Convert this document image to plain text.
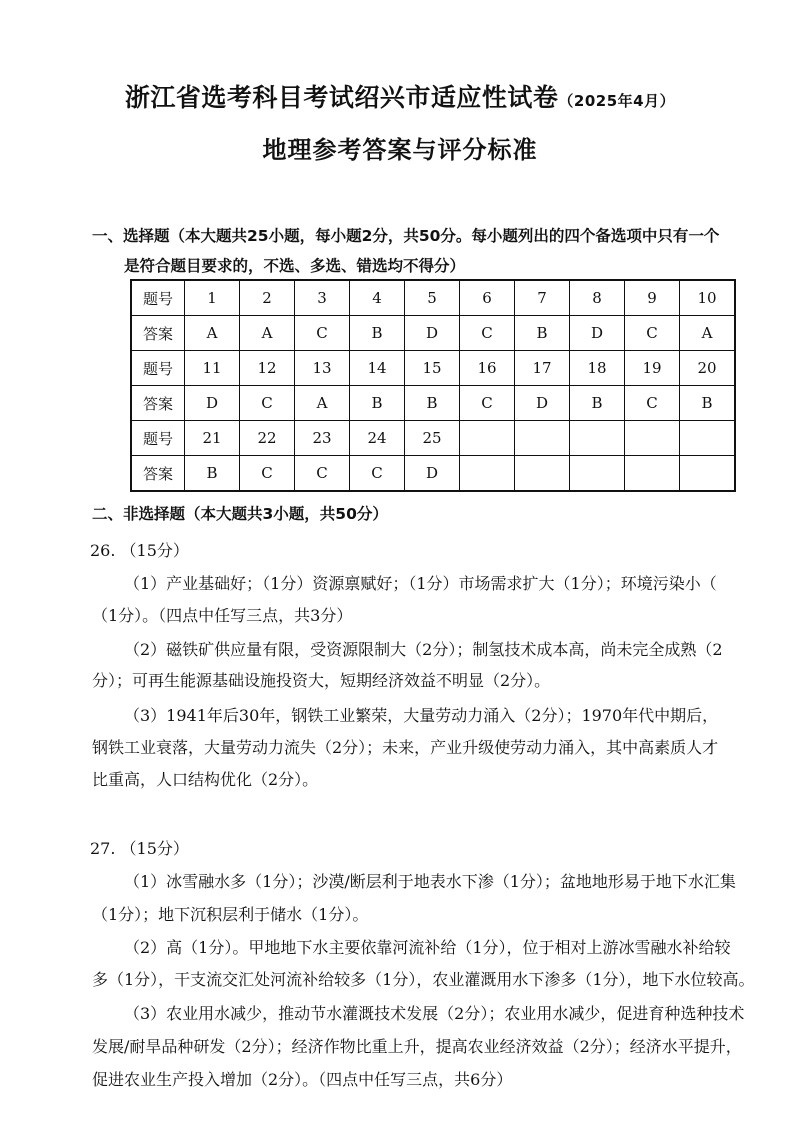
浙江省选考科目考试绍兴市适应性试卷（2025年4月）
地理参考答案与评分标准
一、选择题（本大题共25小题，每小题2分，共50分。每小题列出的四个备选项中只有一个
是符合题目要求的，不选、多选、错选均不得分）
题号	1	2	3	4	5	6	7	8	9	10
答案	A	A	C	B	D	C	B	D	C	A
题号	11	12	13	14	15	16	17	18	19	20
答案	D	C	A	B	B	C	D	B	C	B
题号	21	22	23	24	25					
答案	B	C	C	C	D					
二、非选择题（本大题共3小题，共50分）
26. （15分）
（1）产业基础好；（1分）资源禀赋好；（1分）市场需求扩大（1分）；环境污染小（
（1分）。（四点中任写三点，共3分）
（2）磁铁矿供应量有限，受资源限制大（2分）；制氢技术成本高，尚未完全成熟（2
分）；可再生能源基础设施投资大，短期经济效益不明显（2分）。
（3）1941年后30年，钢铁工业繁荣，大量劳动力涌入（2分）；1970年代中期后，
钢铁工业衰落，大量劳动力流失（2分）；未来，产业升级使劳动力涌入，其中高素质人才
比重高，人口结构优化（2分）。
27. （15分）
（1）冰雪融水多（1分）；沙漠/断层利于地表水下渗（1分）；盆地地形易于地下水汇集
（1分）；地下沉积层利于储水（1分）。
（2）高（1分）。甲地地下水主要依靠河流补给（1分），位于相对上游冰雪融水补给较
多（1分），干支流交汇处河流补给较多（1分），农业灌溉用水下渗多（1分），地下水位较高。
（3）农业用水减少，推动节水灌溉技术发展（2分）；农业用水减少，促进育种选种技术
发展/耐旱品种研发（2分）；经济作物比重上升，提高农业经济效益（2分）；经济水平提升，
促进农业生产投入增加（2分）。（四点中任写三点，共6分）
